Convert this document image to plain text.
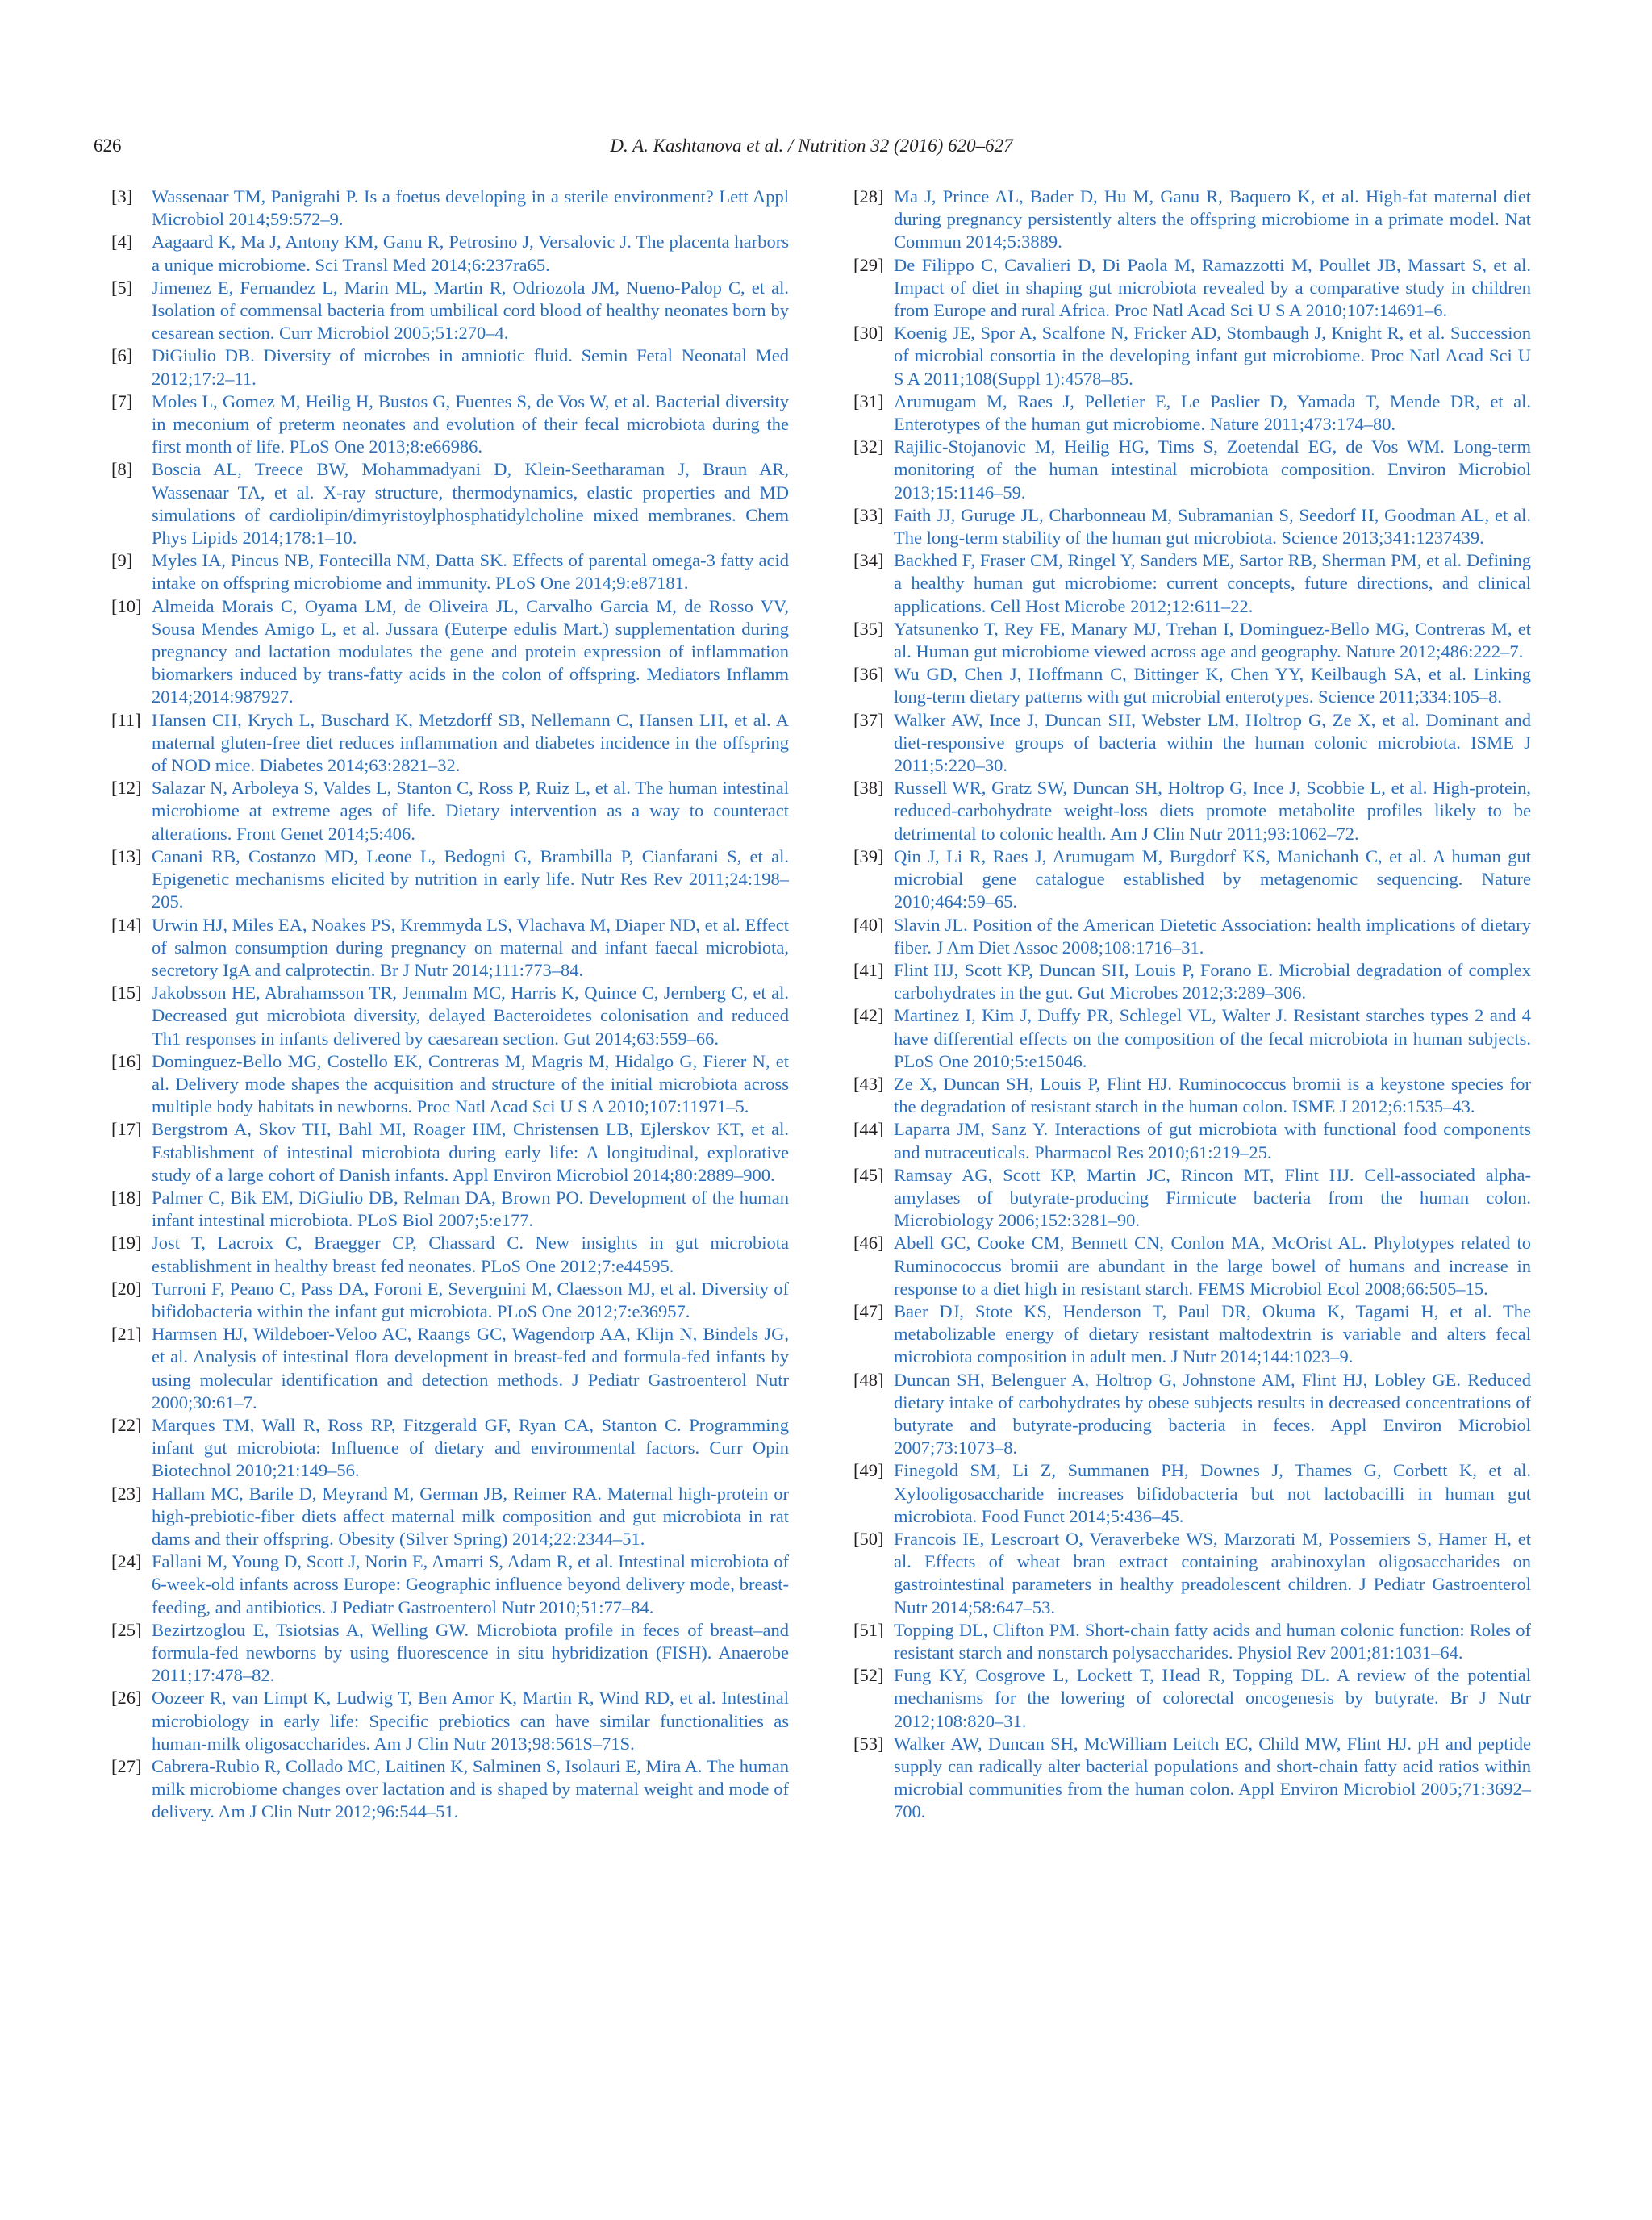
626	D. A. Kashtanova et al. / Nutrition 32 (2016) 620–627

[3] Wassenaar TM, Panigrahi P. Is a foetus developing in a sterile environment? Lett Appl Microbiol 2014;59:572–9.

[4] Aagaard K, Ma J, Antony KM, Ganu R, Petrosino J, Versalovic J. The placenta harbors a unique microbiome. Sci Transl Med 2014;6:237ra65.

[5] Jimenez E, Fernandez L, Marin ML, Martin R, Odriozola JM, Nueno-Palop C, et al. Isolation of commensal bacteria from umbilical cord blood of healthy neonates born by cesarean section. Curr Microbiol 2005;51:270–4.

[6] DiGiulio DB. Diversity of microbes in amniotic fluid. Semin Fetal Neonatal Med 2012;17:2–11.

[7] Moles L, Gomez M, Heilig H, Bustos G, Fuentes S, de Vos W, et al. Bacterial diversity in meconium of preterm neonates and evolution of their fecal microbiota during the first month of life. PLoS One 2013;8:e66986.

[8] Boscia AL, Treece BW, Mohammadyani D, Klein-Seetharaman J, Braun AR, Wassenaar TA, et al. X-ray structure, thermodynamics, elastic properties and MD simulations of cardiolipin/dimyristoylphosphatidylcholine mixed membranes. Chem Phys Lipids 2014;178:1–10.

[9] Myles IA, Pincus NB, Fontecilla NM, Datta SK. Effects of parental omega-3 fatty acid intake on offspring microbiome and immunity. PLoS One 2014;9:e87181.

[10] Almeida Morais C, Oyama LM, de Oliveira JL, Carvalho Garcia M, de Rosso VV, Sousa Mendes Amigo L, et al. Jussara (Euterpe edulis Mart.) supplementation during pregnancy and lactation modulates the gene and protein expression of inflammation biomarkers induced by trans-fatty acids in the colon of offspring. Mediators Inflamm 2014;2014:987927.

[11] Hansen CH, Krych L, Buschard K, Metzdorff SB, Nellemann C, Hansen LH, et al. A maternal gluten-free diet reduces inflammation and diabetes incidence in the offspring of NOD mice. Diabetes 2014;63:2821–32.

[12] Salazar N, Arboleya S, Valdes L, Stanton C, Ross P, Ruiz L, et al. The human intestinal microbiome at extreme ages of life. Dietary intervention as a way to counteract alterations. Front Genet 2014;5:406.

[13] Canani RB, Costanzo MD, Leone L, Bedogni G, Brambilla P, Cianfarani S, et al. Epigenetic mechanisms elicited by nutrition in early life. Nutr Res Rev 2011;24:198–205.

[14] Urwin HJ, Miles EA, Noakes PS, Kremmyda LS, Vlachava M, Diaper ND, et al. Effect of salmon consumption during pregnancy on maternal and infant faecal microbiota, secretory IgA and calprotectin. Br J Nutr 2014;111:773–84.

[15] Jakobsson HE, Abrahamsson TR, Jenmalm MC, Harris K, Quince C, Jernberg C, et al. Decreased gut microbiota diversity, delayed Bacteroidetes colonisation and reduced Th1 responses in infants delivered by caesarean section. Gut 2014;63:559–66.

[16] Dominguez-Bello MG, Costello EK, Contreras M, Magris M, Hidalgo G, Fierer N, et al. Delivery mode shapes the acquisition and structure of the initial microbiota across multiple body habitats in newborns. Proc Natl Acad Sci U S A 2010;107:11971–5.

[17] Bergstrom A, Skov TH, Bahl MI, Roager HM, Christensen LB, Ejlerskov KT, et al. Establishment of intestinal microbiota during early life: A longitudinal, explorative study of a large cohort of Danish infants. Appl Environ Microbiol 2014;80:2889–900.

[18] Palmer C, Bik EM, DiGiulio DB, Relman DA, Brown PO. Development of the human infant intestinal microbiota. PLoS Biol 2007;5:e177.

[19] Jost T, Lacroix C, Braegger CP, Chassard C. New insights in gut microbiota establishment in healthy breast fed neonates. PLoS One 2012;7:e44595.

[20] Turroni F, Peano C, Pass DA, Foroni E, Severgnini M, Claesson MJ, et al. Diversity of bifidobacteria within the infant gut microbiota. PLoS One 2012;7:e36957.

[21] Harmsen HJ, Wildeboer-Veloo AC, Raangs GC, Wagendorp AA, Klijn N, Bindels JG, et al. Analysis of intestinal flora development in breast-fed and formula-fed infants by using molecular identification and detection methods. J Pediatr Gastroenterol Nutr 2000;30:61–7.

[22] Marques TM, Wall R, Ross RP, Fitzgerald GF, Ryan CA, Stanton C. Programming infant gut microbiota: Influence of dietary and environmental factors. Curr Opin Biotechnol 2010;21:149–56.

[23] Hallam MC, Barile D, Meyrand M, German JB, Reimer RA. Maternal high-protein or high-prebiotic-fiber diets affect maternal milk composition and gut microbiota in rat dams and their offspring. Obesity (Silver Spring) 2014;22:2344–51.

[24] Fallani M, Young D, Scott J, Norin E, Amarri S, Adam R, et al. Intestinal microbiota of 6-week-old infants across Europe: Geographic influence beyond delivery mode, breast-feeding, and antibiotics. J Pediatr Gastroenterol Nutr 2010;51:77–84.

[25] Bezirtzoglou E, Tsiotsias A, Welling GW. Microbiota profile in feces of breast–and formula-fed newborns by using fluorescence in situ hybridization (FISH). Anaerobe 2011;17:478–82.

[26] Oozeer R, van Limpt K, Ludwig T, Ben Amor K, Martin R, Wind RD, et al. Intestinal microbiology in early life: Specific prebiotics can have similar functionalities as human-milk oligosaccharides. Am J Clin Nutr 2013;98:561S–71S.

[27] Cabrera-Rubio R, Collado MC, Laitinen K, Salminen S, Isolauri E, Mira A. The human milk microbiome changes over lactation and is shaped by maternal weight and mode of delivery. Am J Clin Nutr 2012;96:544–51.

[28] Ma J, Prince AL, Bader D, Hu M, Ganu R, Baquero K, et al. High-fat maternal diet during pregnancy persistently alters the offspring microbiome in a primate model. Nat Commun 2014;5:3889.

[29] De Filippo C, Cavalieri D, Di Paola M, Ramazzotti M, Poullet JB, Massart S, et al. Impact of diet in shaping gut microbiota revealed by a comparative study in children from Europe and rural Africa. Proc Natl Acad Sci U S A 2010;107:14691–6.

[30] Koenig JE, Spor A, Scalfone N, Fricker AD, Stombaugh J, Knight R, et al. Succession of microbial consortia in the developing infant gut microbiome. Proc Natl Acad Sci U S A 2011;108(Suppl 1):4578–85.

[31] Arumugam M, Raes J, Pelletier E, Le Paslier D, Yamada T, Mende DR, et al. Enterotypes of the human gut microbiome. Nature 2011;473:174–80.

[32] Rajilic-Stojanovic M, Heilig HG, Tims S, Zoetendal EG, de Vos WM. Long-term monitoring of the human intestinal microbiota composition. Environ Microbiol 2013;15:1146–59.

[33] Faith JJ, Guruge JL, Charbonneau M, Subramanian S, Seedorf H, Goodman AL, et al. The long-term stability of the human gut microbiota. Science 2013;341:1237439.

[34] Backhed F, Fraser CM, Ringel Y, Sanders ME, Sartor RB, Sherman PM, et al. Defining a healthy human gut microbiome: current concepts, future directions, and clinical applications. Cell Host Microbe 2012;12:611–22.

[35] Yatsunenko T, Rey FE, Manary MJ, Trehan I, Dominguez-Bello MG, Contreras M, et al. Human gut microbiome viewed across age and geography. Nature 2012;486:222–7.

[36] Wu GD, Chen J, Hoffmann C, Bittinger K, Chen YY, Keilbaugh SA, et al. Linking long-term dietary patterns with gut microbial enterotypes. Science 2011;334:105–8.

[37] Walker AW, Ince J, Duncan SH, Webster LM, Holtrop G, Ze X, et al. Dominant and diet-responsive groups of bacteria within the human colonic microbiota. ISME J 2011;5:220–30.

[38] Russell WR, Gratz SW, Duncan SH, Holtrop G, Ince J, Scobbie L, et al. High-protein, reduced-carbohydrate weight-loss diets promote metabolite profiles likely to be detrimental to colonic health. Am J Clin Nutr 2011;93:1062–72.

[39] Qin J, Li R, Raes J, Arumugam M, Burgdorf KS, Manichanh C, et al. A human gut microbial gene catalogue established by metagenomic sequencing. Nature 2010;464:59–65.

[40] Slavin JL. Position of the American Dietetic Association: health implications of dietary fiber. J Am Diet Assoc 2008;108:1716–31.

[41] Flint HJ, Scott KP, Duncan SH, Louis P, Forano E. Microbial degradation of complex carbohydrates in the gut. Gut Microbes 2012;3:289–306.

[42] Martinez I, Kim J, Duffy PR, Schlegel VL, Walter J. Resistant starches types 2 and 4 have differential effects on the composition of the fecal microbiota in human subjects. PLoS One 2010;5:e15046.

[43] Ze X, Duncan SH, Louis P, Flint HJ. Ruminococcus bromii is a keystone species for the degradation of resistant starch in the human colon. ISME J 2012;6:1535–43.

[44] Laparra JM, Sanz Y. Interactions of gut microbiota with functional food components and nutraceuticals. Pharmacol Res 2010;61:219–25.

[45] Ramsay AG, Scott KP, Martin JC, Rincon MT, Flint HJ. Cell-associated alpha-amylases of butyrate-producing Firmicute bacteria from the human colon. Microbiology 2006;152:3281–90.

[46] Abell GC, Cooke CM, Bennett CN, Conlon MA, McOrist AL. Phylotypes related to Ruminococcus bromii are abundant in the large bowel of humans and increase in response to a diet high in resistant starch. FEMS Microbiol Ecol 2008;66:505–15.

[47] Baer DJ, Stote KS, Henderson T, Paul DR, Okuma K, Tagami H, et al. The metabolizable energy of dietary resistant maltodextrin is variable and alters fecal microbiota composition in adult men. J Nutr 2014;144:1023–9.

[48] Duncan SH, Belenguer A, Holtrop G, Johnstone AM, Flint HJ, Lobley GE. Reduced dietary intake of carbohydrates by obese subjects results in decreased concentrations of butyrate and butyrate-producing bacteria in feces. Appl Environ Microbiol 2007;73:1073–8.

[49] Finegold SM, Li Z, Summanen PH, Downes J, Thames G, Corbett K, et al. Xylooligosaccharide increases bifidobacteria but not lactobacilli in human gut microbiota. Food Funct 2014;5:436–45.

[50] Francois IE, Lescroart O, Veraverbeke WS, Marzorati M, Possemiers S, Hamer H, et al. Effects of wheat bran extract containing arabinoxylan oligosaccharides on gastrointestinal parameters in healthy preadolescent children. J Pediatr Gastroenterol Nutr 2014;58:647–53.

[51] Topping DL, Clifton PM. Short-chain fatty acids and human colonic function: Roles of resistant starch and nonstarch polysaccharides. Physiol Rev 2001;81:1031–64.

[52] Fung KY, Cosgrove L, Lockett T, Head R, Topping DL. A review of the potential mechanisms for the lowering of colorectal oncogenesis by butyrate. Br J Nutr 2012;108:820–31.

[53] Walker AW, Duncan SH, McWilliam Leitch EC, Child MW, Flint HJ. pH and peptide supply can radically alter bacterial populations and short-chain fatty acid ratios within microbial communities from the human colon. Appl Environ Microbiol 2005;71:3692–700.
